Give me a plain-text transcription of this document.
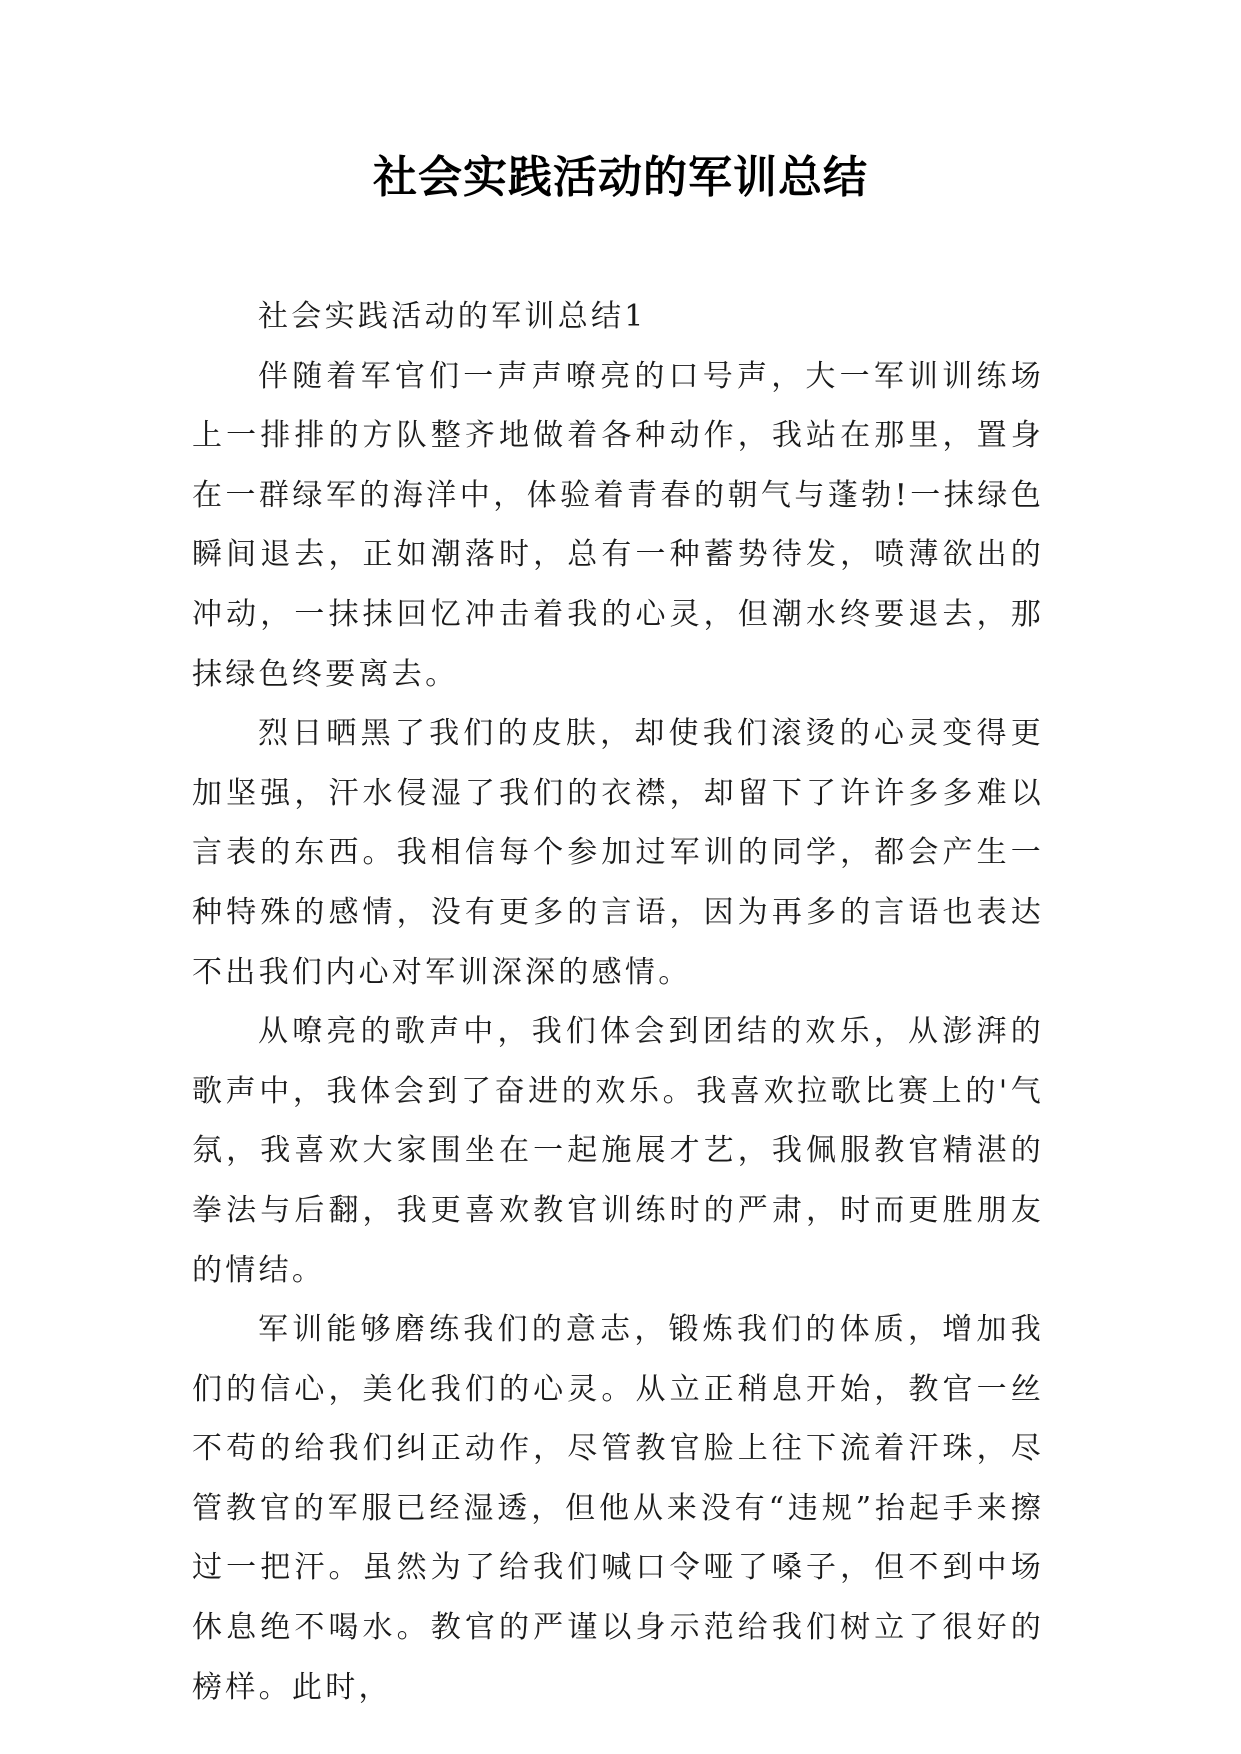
社会实践活动的军训总结

社会实践活动的军训总结1

伴随着军官们一声声嘹亮的口号声，大一军训训练场上一排排的方队整齐地做着各种动作，我站在那里，置身在一群绿军的海洋中，体验着青春的朝气与蓬勃!一抹绿色瞬间退去，正如潮落时，总有一种蓄势待发，喷薄欲出的冲动，一抹抹回忆冲击着我的心灵，但潮水终要退去，那抹绿色终要离去。

烈日晒黑了我们的皮肤，却使我们滚烫的心灵变得更加坚强，汗水侵湿了我们的衣襟，却留下了许许多多难以言表的东西。我相信每个参加过军训的同学，都会产生一种特殊的感情，没有更多的言语，因为再多的言语也表达不出我们内心对军训深深的感情。

从嘹亮的歌声中，我们体会到团结的欢乐，从澎湃的歌声中，我体会到了奋进的欢乐。我喜欢拉歌比赛上的'气氛，我喜欢大家围坐在一起施展才艺，我佩服教官精湛的拳法与后翻，我更喜欢教官训练时的严肃，时而更胜朋友的情结。

军训能够磨练我们的意志，锻炼我们的体质，增加我们的信心，美化我们的心灵。从立正稍息开始，教官一丝不苟的给我们纠正动作，尽管教官脸上往下流着汗珠，尽管教官的军服已经湿透，但他从来没有“违规”抬起手来擦过一把汗。虽然为了给我们喊口令哑了嗓子，但不到中场休息绝不喝水。教官的严谨以身示范给我们树立了很好的榜样。此时，
